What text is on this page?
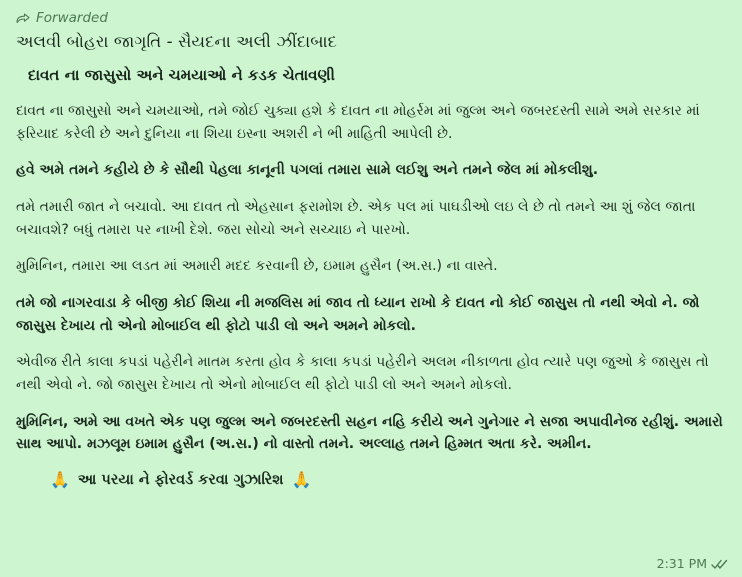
Forwarded
અલવી બોહરા જાગૃતિ - સૈયદના અલી ઝીંદાબાદ
દાવત ના જાસુસો અને ચમયાઓ ને કડક ચેતાવણી
દાવત ના જાસુસો અને ચમયાઓ, તમે જોઈ ચુક્યા હશે કે દાવત ના મોહર્રમ માં જુલ્મ અને જબરદસ્તી સામે અમે સરકાર માં ફરિયાદ કરેલી છે અને દુનિયા ના શિયા ઇસ્ના અશરી ને ભી માહિતી આપેલી છે.
હવે અમે તમને કહીયે છે કે સૌથી પેહલા કાનૂની પગલાં તમારા સામે લઈશુ અને તમને જેલ માં મોકલીશુ.
તમે તમારી જાત ને બચાવો. આ દાવત તો એહસાન ફરામોશ છે. એક પલ માં પાઘડીઓ લઇ લે છે તો તમને આ શું જેલ જાતા બચાવશે? બધું તમારા પર નાખી દેશે. જરા સોચો અને સચ્ચાઇ ને પારખો.
મુમિનિન, તમારા આ લડત માં અમારી મદદ કરવાની છે, ઇમામ હુસૈન (અ.સ.) ના વાસ્તે.
તમે જો નાગરવાડા કે બીજી કોઈ શિયા ની મજલિસ માં જાવ તો ધ્યાન રાખો કે દાવત નો કોઈ જાસુસ તો નથી એવો ને. જો જાસુસ દેખાય તો એનો મોબાઈલ થી ફોટો પાડી લો અને અમને મોકલો.
એવીજ રીતે કાલા કપડાં પહેરીને માતમ કરતા હોવ કે કાલા કપડાં પહેરીને અલમ નીકાળતા હોવ ત્યારે પણ જુઓ કે જાસુસ તો નથી એવો ને. જો જાસુસ દેખાય તો એનો મોબાઈલ થી ફોટો પાડી લો અને અમને મોકલો.
મુમિનિન, અમે આ વખતે એક પણ જુલ્મ અને જબરદસ્તી સહન નહિ કરીયે અને ગુનેગાર ને સજા અપાવીનેજ રહીશું. અમારો સાથ આપો. મઝલૂમ ઇમામ હુસૈન (અ.સ.) નો વાસ્તો તમને. અલ્લાહ તમને હિમ્મત અતા કરે. અમીન.
🙏 આ પરયા ને ફોરવર્ડ કરવા ગુઝારિશ 🙏
2:31 PM
